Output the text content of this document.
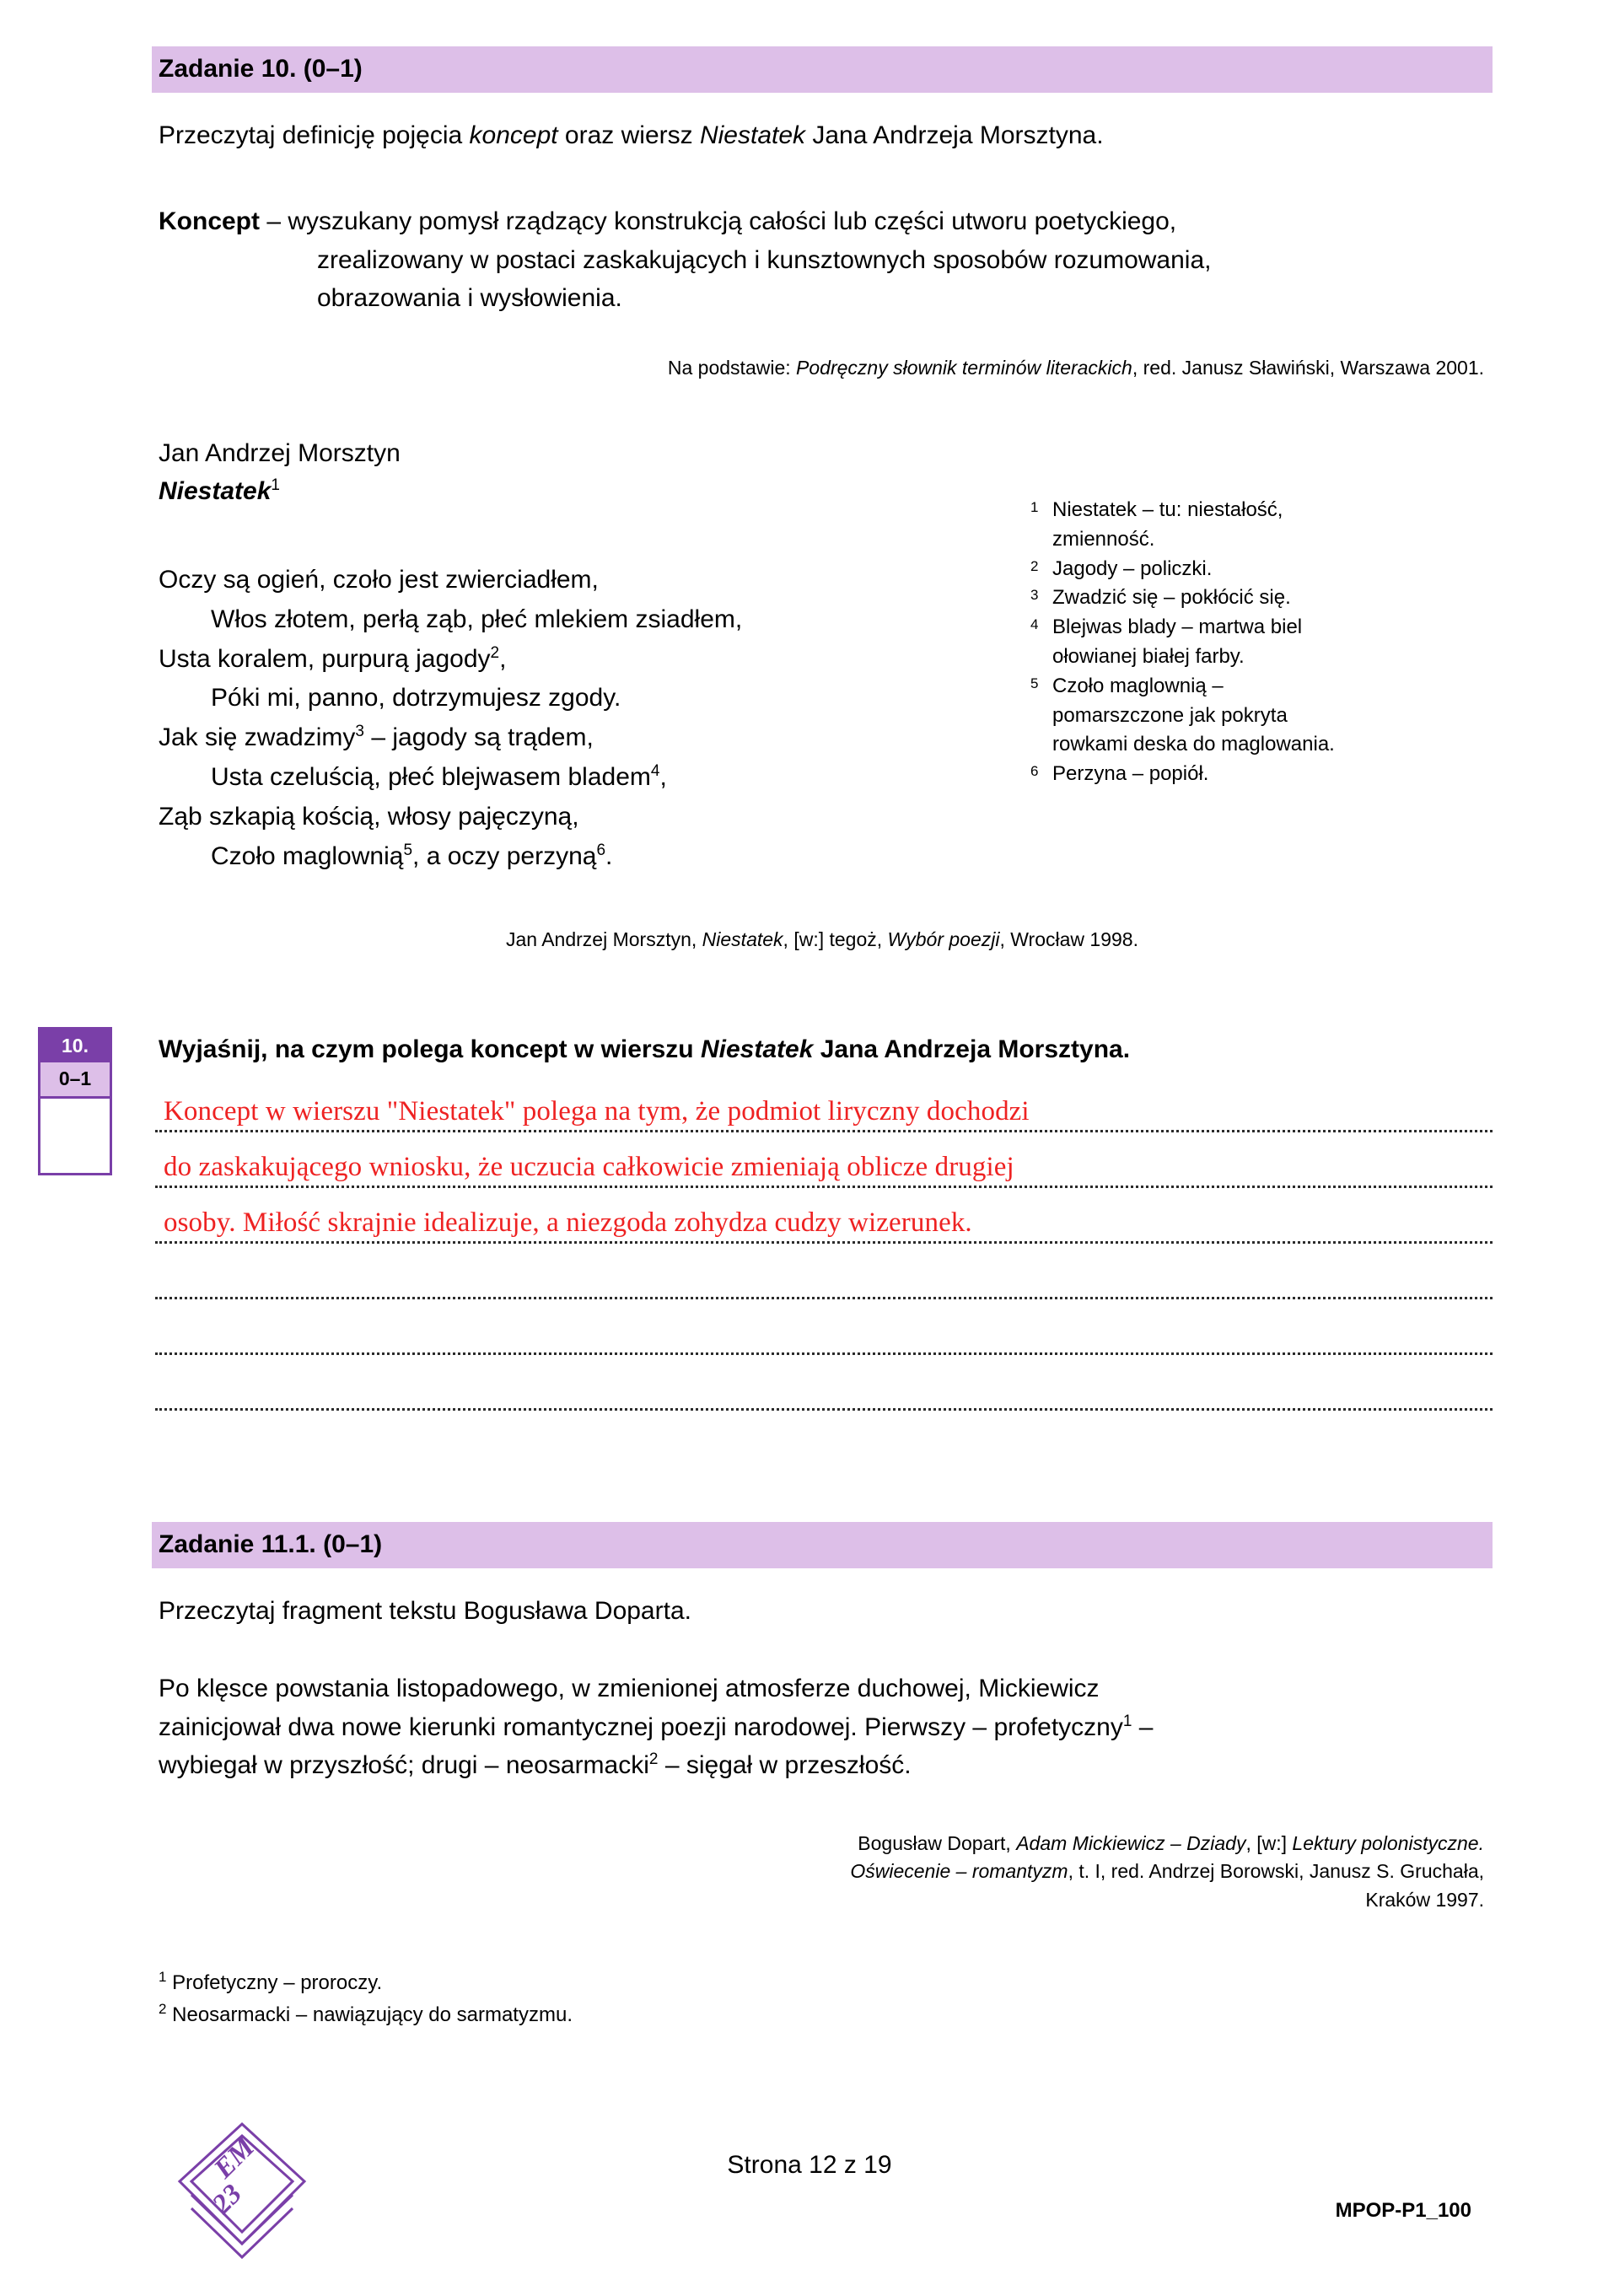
Zadanie 10. (0–1)
Przeczytaj definicję pojęcia koncept oraz wiersz Niestatek Jana Andrzeja Morsztyna.
Koncept – wyszukany pomysł rządzący konstrukcją całości lub części utworu poetyckiego,
zrealizowany w postaci zaskakujących i kunsztownych sposobów rozumowania,
obrazowania i wysłowienia.
Na podstawie: Podręczny słownik terminów literackich, red. Janusz Sławiński, Warszawa 2001.
Jan Andrzej Morsztyn
Niestatek$^1$
Oczy są ogień, czoło jest zwierciadłem,
Włos złotem, perłą ząb, płeć mlekiem zsiadłem,
Usta koralem, purpurą jagody$^2$,
Póki mi, panno, dotrzymujesz zgody.
Jak się zwadzimy$^3$ – jagody są trądem,
Usta czeluścią, płeć blejwasem bladem$^4$,
Ząb szkapią kością, włosy pajęczyną,
Czoło maglownią$^5$, a oczy perzyną$^6$.
1 Niestatek – tu: niestałość,
zmienność.
2 Jagody – policzki.
3 Zwadzić się – pokłócić się.
4 Blejwas blady – martwa biel
ołowianej białej farby.
5 Czoło maglownią –
pomarszczone jak pokryta
rowkami deska do maglowania.
6 Perzyna – popiół.
Jan Andrzej Morsztyn, Niestatek, [w:] tegoż, Wybór poezji, Wrocław 1998.
10.
0–1
Wyjaśnij, na czym polega koncept w wierszu Niestatek Jana Andrzeja Morsztyna.
Koncept w wierszu "Niestatek" polega na tym, że podmiot liryczny dochodzi
do zaskakującego wniosku, że uczucia całkowicie zmieniają oblicze drugiej
osoby. Miłość skrajnie idealizuje, a niezgoda zohydza cudzy wizerunek.
Zadanie 11.1. (0–1)
Przeczytaj fragment tekstu Bogusława Doparta.
Po klęsce powstania listopadowego, w zmienionej atmosferze duchowej, Mickiewicz
zainicjował dwa nowe kierunki romantycznej poezji narodowej. Pierwszy – profetyczny$^1$ –
wybiegał w przyszłość; drugi – neosarmacki$^2$ – sięgał w przeszłość.
Bogusław Dopart, Adam Mickiewicz – Dziady, [w:] Lektury polonistyczne.
Oświecenie – romantyzm, t. I, red. Andrzej Borowski, Janusz S. Gruchała,
Kraków 1997.
$^1$ Profetyczny – proroczy.
$^2$ Neosarmacki – nawiązujący do sarmatyzmu.
EM
23
Strona 12 z 19
MPOP-P1_100
